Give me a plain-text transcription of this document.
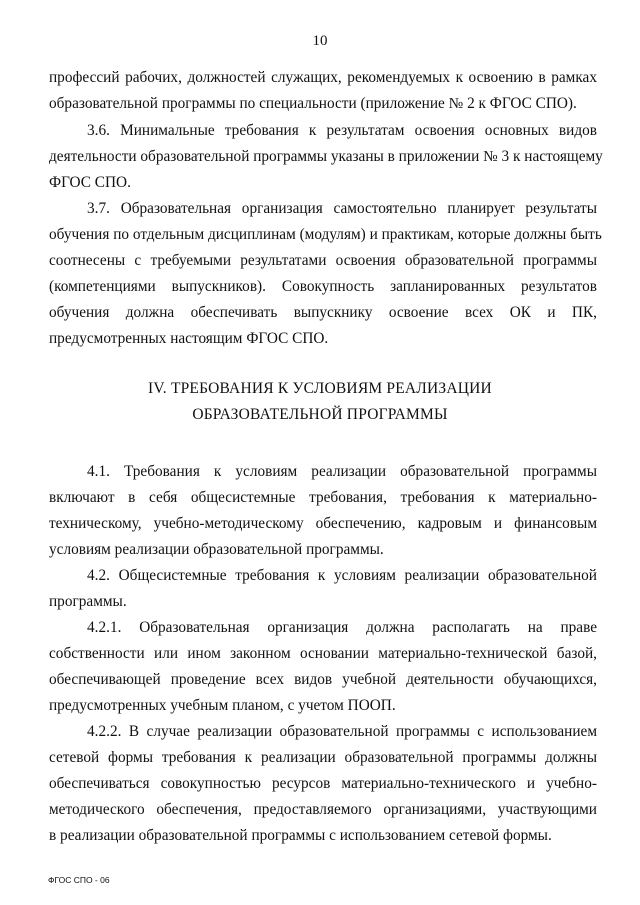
10
профессий рабочих, должностей служащих, рекомендуемых к освоению в рамках
образовательной программы по специальности (приложение № 2 к ФГОС СПО).
3.6. Минимальные требования к результатам освоения основных видов
деятельности образовательной программы указаны в приложении № 3 к настоящему
ФГОС СПО.
3.7. Образовательная организация самостоятельно планирует результаты
обучения по отдельным дисциплинам (модулям) и практикам, которые должны быть
соотнесены с требуемыми результатами освоения образовательной программы
(компетенциями выпускников). Совокупность запланированных результатов
обучения должна обеспечивать выпускнику освоение всех ОК и ПК,
предусмотренных настоящим ФГОС СПО.
IV. ТРЕБОВАНИЯ К УСЛОВИЯМ РЕАЛИЗАЦИИ
ОБРАЗОВАТЕЛЬНОЙ ПРОГРАММЫ
4.1. Требования к условиям реализации образовательной программы
включают в себя общесистемные требования, требования к материально-
техническому, учебно-методическому обеспечению, кадровым и финансовым
условиям реализации образовательной программы.
4.2. Общесистемные требования к условиям реализации образовательной
программы.
4.2.1. Образовательная организация должна располагать на праве
собственности или ином законном основании материально-технической базой,
обеспечивающей проведение всех видов учебной деятельности обучающихся,
предусмотренных учебным планом, с учетом ПООП.
4.2.2. В случае реализации образовательной программы с использованием
сетевой формы требования к реализации образовательной программы должны
обеспечиваться совокупностью ресурсов материально-технического и учебно-
методического обеспечения, предоставляемого организациями, участвующими
в реализации образовательной программы с использованием сетевой формы.
ФГОС СПО - 06
